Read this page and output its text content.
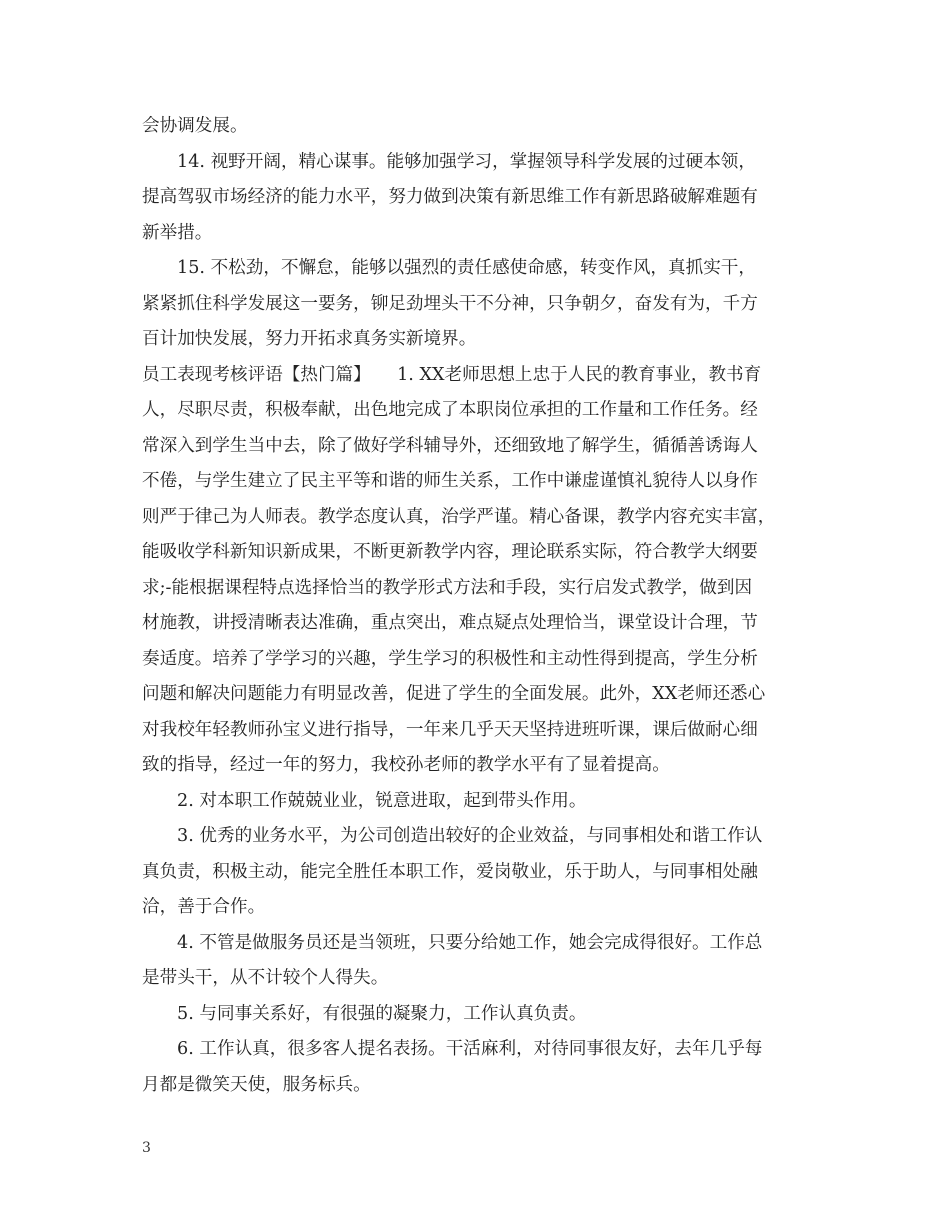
会协调发展。
14. 视野开阔，精心谋事。能够加强学习，掌握领导科学发展的过硬本领，
提高驾驭市场经济的能力水平，努力做到决策有新思维工作有新思路破解难题有
新举措。
15. 不松劲，不懈怠，能够以强烈的责任感使命感，转变作风，真抓实干，
紧紧抓住科学发展这一要务，铆足劲埋头干不分神，只争朝夕，奋发有为，千方
百计加快发展，努力开拓求真务实新境界。
员工表现考核评语【热门篇】　　1. XX老师思想上忠于人民的教育事业，教书育
人，尽职尽责，积极奉献，出色地完成了本职岗位承担的工作量和工作任务。经
常深入到学生当中去，除了做好学科辅导外，还细致地了解学生，循循善诱诲人
不倦，与学生建立了民主平等和谐的师生关系，工作中谦虚谨慎礼貌待人以身作
则严于律己为人师表。教学态度认真，治学严谨。精心备课，教学内容充实丰富，
能吸收学科新知识新成果，不断更新教学内容，理论联系实际，符合教学大纲要
求;-能根据课程特点选择恰当的教学形式方法和手段，实行启发式教学，做到因
材施教，讲授清晰表达准确，重点突出，难点疑点处理恰当，课堂设计合理，节
奏适度。培养了学学习的兴趣，学生学习的积极性和主动性得到提高，学生分析
问题和解决问题能力有明显改善，促进了学生的全面发展。此外，XX老师还悉心
对我校年轻教师孙宝义进行指导，一年来几乎天天坚持进班听课，课后做耐心细
致的指导，经过一年的努力，我校孙老师的教学水平有了显着提高。
2. 对本职工作兢兢业业，锐意进取，起到带头作用。
3. 优秀的业务水平，为公司创造出较好的企业效益，与同事相处和谐工作认
真负责，积极主动，能完全胜任本职工作，爱岗敬业，乐于助人，与同事相处融
洽，善于合作。
4. 不管是做服务员还是当领班，只要分给她工作，她会完成得很好。工作总
是带头干，从不计较个人得失。
5. 与同事关系好，有很强的凝聚力，工作认真负责。
6. 工作认真，很多客人提名表扬。干活麻利，对待同事很友好，去年几乎每
月都是微笑天使，服务标兵。
3
